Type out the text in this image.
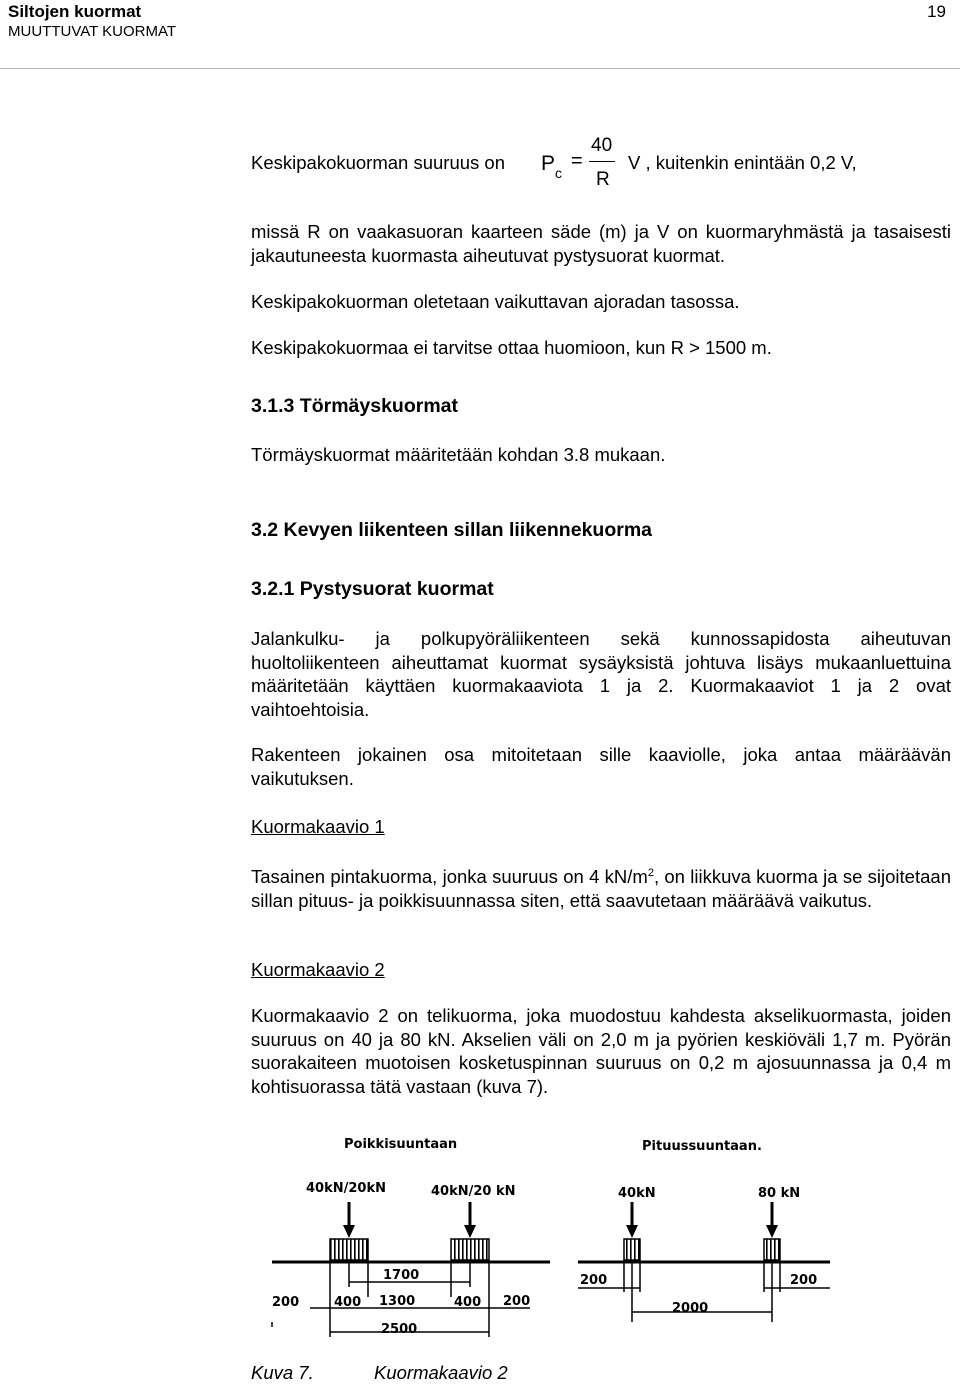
Siltojen kuormat
MUUTTUVAT KUORMAT
19
Keskipakokuorman suuruus on P c
=
40
R
V , kuitenkin enintään 0,2 V,
missä R on vaakasuoran kaarteen säde (m) ja V on kuormaryhmästä ja tasaisesti jakautuneesta kuormasta aiheutuvat pystysuorat kuormat.
Keskipakokuorman oletetaan vaikuttavan ajoradan tasossa.
Keskipakokuormaa ei tarvitse ottaa huomioon, kun R > 1500 m.
3.1.3 Törmäyskuormat
Törmäyskuormat määritetään kohdan 3.8 mukaan.
3.2 Kevyen liikenteen sillan liikennekuorma
3.2.1 Pystysuorat kuormat
Jalankulku- ja polkupyöräliikenteen sekä kunnossapidosta aiheutuvan huoltoliikenteen aiheuttamat kuormat sysäyksistä johtuva lisäys mukaanluettuina määritetään käyttäen kuormakaaviota 1 ja 2. Kuormakaaviot 1 ja 2 ovat vaihtoehtoisia.
Rakenteen jokainen osa mitoitetaan sille kaaviolle, joka antaa määräävän vaikutuksen.
Kuormakaavio 1
Tasainen pintakuorma, jonka suuruus on 4 $kN/m^2$, on liikkuva kuorma ja se sijoitetaan sillan pituus- ja poikkisuunnassa siten, että saavutetaan määräävä vaikutus.
Kuormakaavio 2
Kuormakaavio 2 on telikuorma, joka muodostuu kahdesta akselikuormasta, joiden suuruus on 40 ja 80 kN. Akselien väli on 2,0 m ja pyörien keskiöväli 1,7 m. Pyörän suorakaiteen muotoisen kosketuspinnan suuruus on 0,2 m ajosuunnassa ja 0,4 m kohtisuorassa tätä vastaan (kuva 7).
Poikkisuuntaan
40kN/20kN	40kN/20 kN
1700
200	400 1300	400 200
2500
Pituussuuntaan.
40kN	80 kN
200	200
2000
Kuva 7.	Kuormakaavio 2
